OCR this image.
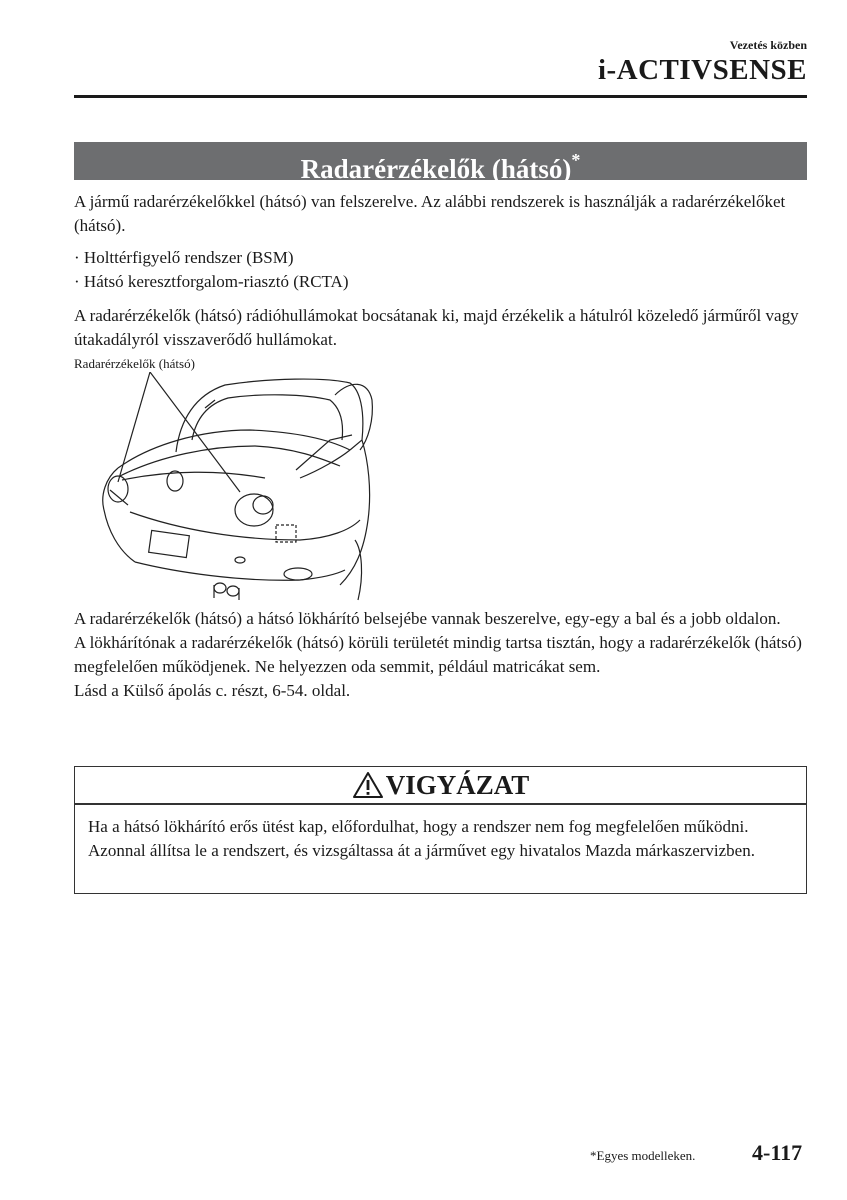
Vezetés közben
i-ACTIVSENSE
Radarérzékelők (hátsó)*

A jármű radarérzékelőkkel (hátsó) van felszerelve. Az alábbi rendszerek is használják a radarérzékelőket (hátsó).

· Holttérfigyelő rendszer (BSM)
· Hátsó keresztforgalom-riasztó (RCTA)

A radarérzékelők (hátsó) rádióhullámokat bocsátanak ki, majd érzékelik a hátulról közeledő járműről vagy útakadályról visszaverődő hullámokat.

Radarérzékelők (hátsó)
A radarérzékelők (hátsó) a hátsó lökhárító belsejébe vannak beszerelve, egy-egy a bal és a jobb oldalon.
A lökhárítónak a radarérzékelők (hátsó) körüli területét mindig tartsa tisztán, hogy a radarérzékelők (hátsó) megfelelően működjenek. Ne helyezzen oda semmit, például matricákat sem.
Lásd a Külső ápolás c. részt, 6-54. oldal.
VIGYÁZAT
Ha a hátsó lökhárító erős ütést kap, előfordulhat, hogy a rendszer nem fog megfelelően működni. Azonnal állítsa le a rendszert, és vizsgáltassa át a járművet egy hivatalos Mazda márkaszervizben.
*Egyes modelleken.	4-117
